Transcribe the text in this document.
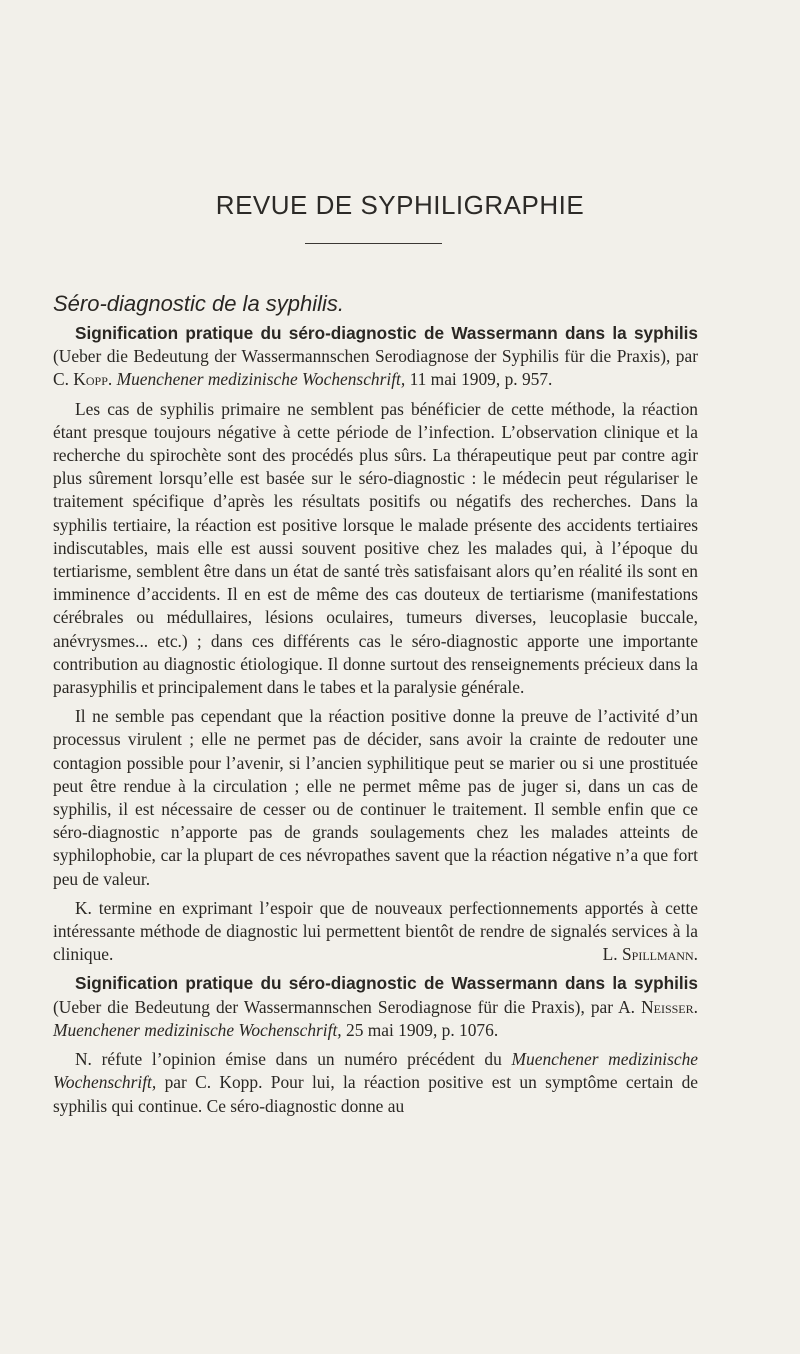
REVUE DE SYPHILIGRAPHIE
Séro-diagnostic de la syphilis.

Signification pratique du séro-diagnostic de Wassermann dans la syphilis (Ueber die Bedeutung der Wassermannschen Serodiagnose der Syphilis für die Praxis), par C. Kopp. Muenchener medizinische Wochenschrift, 11 mai 1909, p. 957.

Les cas de syphilis primaire ne semblent pas bénéficier de cette méthode, la réaction étant presque toujours négative à cette période de l’infection. L’observation clinique et la recherche du spirochète sont des procédés plus sûrs. La thérapeutique peut par contre agir plus sûrement lorsqu’elle est basée sur le séro-diagnostic : le médecin peut régulariser le traitement spécifique d’après les résultats positifs ou négatifs des recherches. Dans la syphilis tertiaire, la réaction est positive lorsque le malade présente des accidents tertiaires indiscutables, mais elle est aussi souvent positive chez les malades qui, à l’époque du tertiarisme, semblent être dans un état de santé très satisfaisant alors qu’en réalité ils sont en imminence d’accidents. Il en est de même des cas douteux de tertiarisme (manifestations cérébrales ou médullaires, lésions oculaires, tumeurs diverses, leucoplasie buccale, anévrysmes... etc.) ; dans ces différents cas le séro-diagnostic apporte une importante contribution au diagnostic étiologique. Il donne surtout des renseignements précieux dans la parasyphilis et principalement dans le tabes et la paralysie générale.

Il ne semble pas cependant que la réaction positive donne la preuve de l’activité d’un processus virulent ; elle ne permet pas de décider, sans avoir la crainte de redouter une contagion possible pour l’avenir, si l’ancien syphilitique peut se marier ou si une prostituée peut être rendue à la circulation ; elle ne permet même pas de juger si, dans un cas de syphilis, il est nécessaire de cesser ou de continuer le traitement. Il semble enfin que ce séro-diagnostic n’apporte pas de grands soulagements chez les malades atteints de syphilophobie, car la plupart de ces névropathes savent que la réaction négative n’a que fort peu de valeur.

K. termine en exprimant l’espoir que de nouveaux perfectionnements apportés à cette intéressante méthode de diagnostic lui permettent bientôt de rendre de signalés services à la clinique.	L. Spillmann.

Signification pratique du séro-diagnostic de Wassermann dans la syphilis (Ueber die Bedeutung der Wassermannschen Serodiagnose für die Praxis), par A. Neisser. Muenchener medizinische Wochenschrift, 25 mai 1909, p. 1076.

N. réfute l’opinion émise dans un numéro précédent du Muenchener medizinische Wochenschrift, par C. Kopp. Pour lui, la réaction positive est un symptôme certain de syphilis qui continue. Ce séro-diagnostic donne au
